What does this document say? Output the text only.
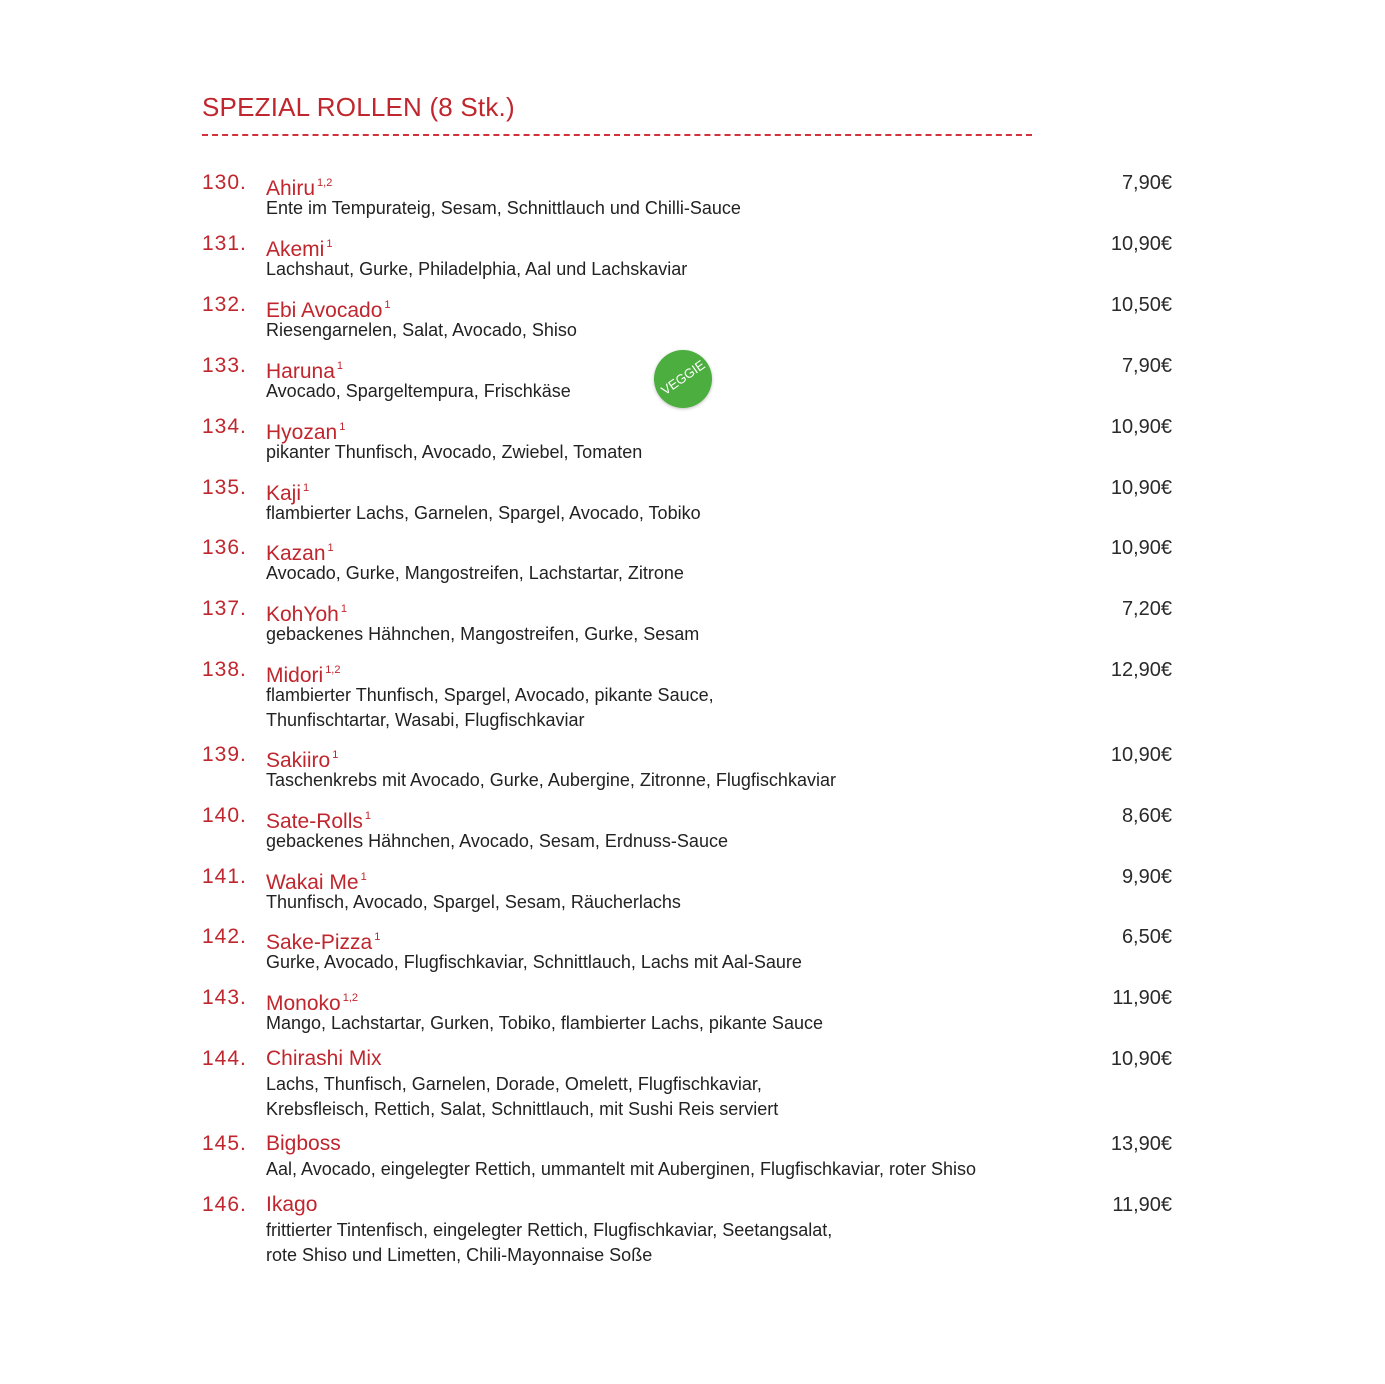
SPEZIAL ROLLEN (8 Stk.)
130. Ahiru $^{1,2}$	7,90€
Ente im Tempurateig, Sesam, Schnittlauch und Chilli-Sauce
131. Akemi $^1$	10,90€
Lachshaut, Gurke, Philadelphia, Aal und Lachskaviar
132. Ebi Avocado $^1$	10,50€
Riesengarnelen, Salat, Avocado, Shiso
133. Haruna $^1$	7,90€
Avocado, Spargeltempura, Frischkäse
134. Hyozan $^1$	10,90€
pikanter Thunfisch, Avocado, Zwiebel, Tomaten
135. Kaji $^1$	10,90€
flambierter Lachs, Garnelen, Spargel, Avocado, Tobiko
136. Kazan $^1$	10,90€
Avocado, Gurke, Mangostreifen, Lachstartar, Zitrone
137. KohYoh $^1$	7,20€
gebackenes Hähnchen, Mangostreifen, Gurke, Sesam
138. Midori $^{1,2}$	12,90€
flambierter Thunfisch, Spargel, Avocado, pikante Sauce,
Thunfischtartar, Wasabi, Flugfischkaviar
139. Sakiiro $^1$	10,90€
Taschenkrebs mit Avocado, Gurke, Aubergine, Zitronne, Flugfischkaviar
140. Sate-Rolls $^1$	8,60€
gebackenes Hähnchen, Avocado, Sesam, Erdnuss-Sauce
141. Wakai Me $^1$	9,90€
Thunfisch, Avocado, Spargel, Sesam, Räucherlachs
142. Sake-Pizza $^1$	6,50€
Gurke, Avocado, Flugfischkaviar, Schnittlauch, Lachs mit Aal-Saure
143. Monoko $^{1,2}$	11,90€
Mango, Lachstartar, Gurken, Tobiko, flambierter Lachs, pikante Sauce
144. Chirashi Mix	10,90€
Lachs, Thunfisch, Garnelen, Dorade, Omelett, Flugfischkaviar,
Krebsfleisch, Rettich, Salat, Schnittlauch, mit Sushi Reis serviert
145. Bigboss	13,90€
Aal, Avocado, eingelegter Rettich, ummantelt mit Auberginen, Flugfischkaviar, roter Shiso
146. Ikago	11,90€
frittierter Tintenfisch, eingelegter Rettich, Flugfischkaviar, Seetangsalat,
rote Shiso und Limetten, Chili-Mayonnaise Soße
VEGGIE
